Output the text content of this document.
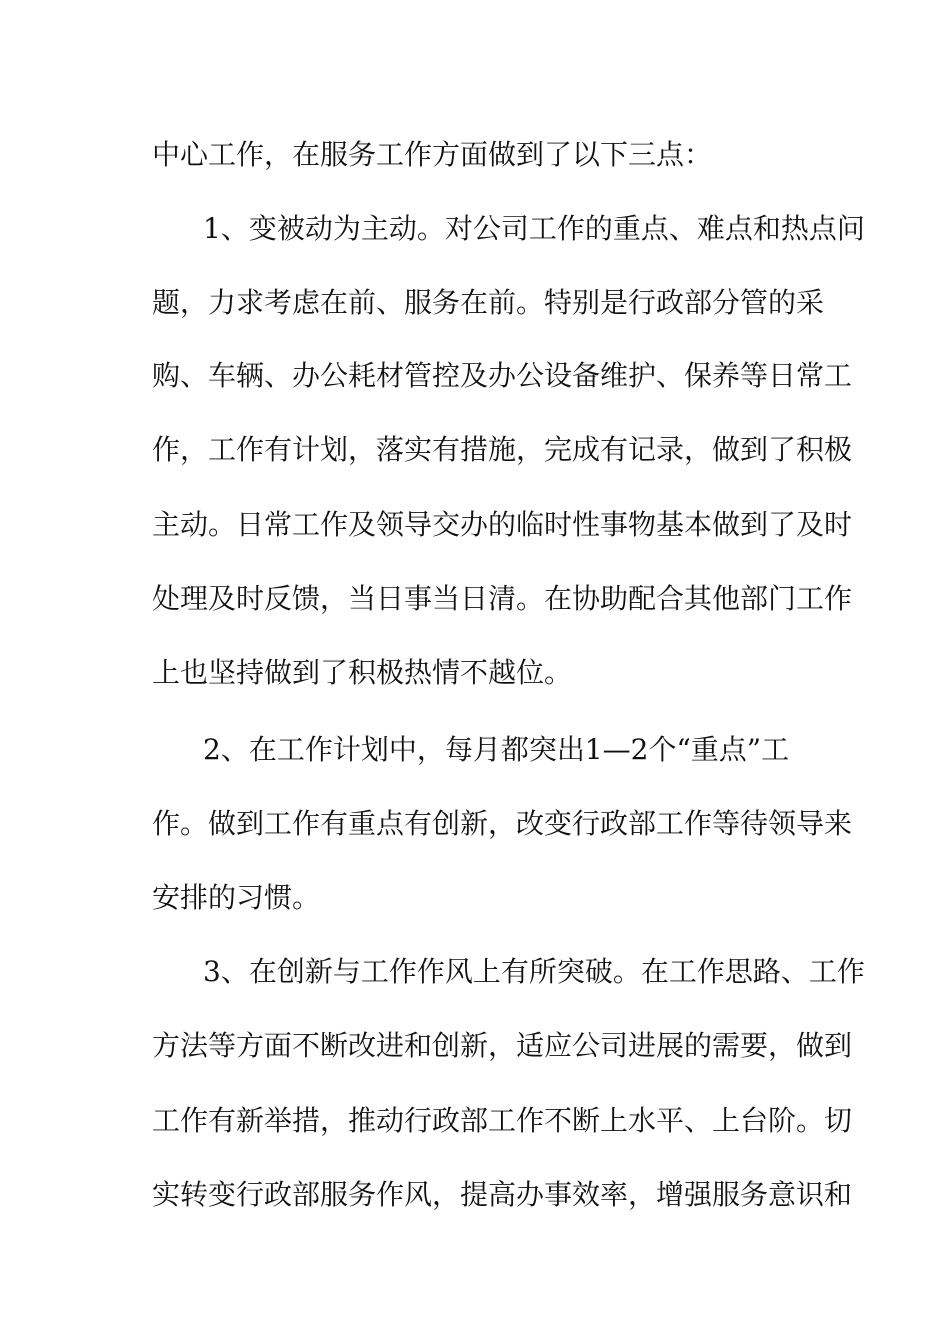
中心工作，在服务工作方面做到了以下三点：
1、变被动为主动。对公司工作的重点、难点和热点问
题，力求考虑在前、服务在前。特别是行政部分管的采
购、车辆、办公耗材管控及办公设备维护、保养等日常工
作，工作有计划，落实有措施，完成有记录，做到了积极
主动。日常工作及领导交办的临时性事物基本做到了及时
处理及时反馈，当日事当日清。在协助配合其他部门工作
上也坚持做到了积极热情不越位。
2、在工作计划中，每月都突出1—2个“重点”工
作。做到工作有重点有创新，改变行政部工作等待领导来
安排的习惯。
3、在创新与工作作风上有所突破。在工作思路、工作
方法等方面不断改进和创新，适应公司进展的需要，做到
工作有新举措，推动行政部工作不断上水平、上台阶。切
实转变行政部服务作风，提高办事效率，增强服务意识和
